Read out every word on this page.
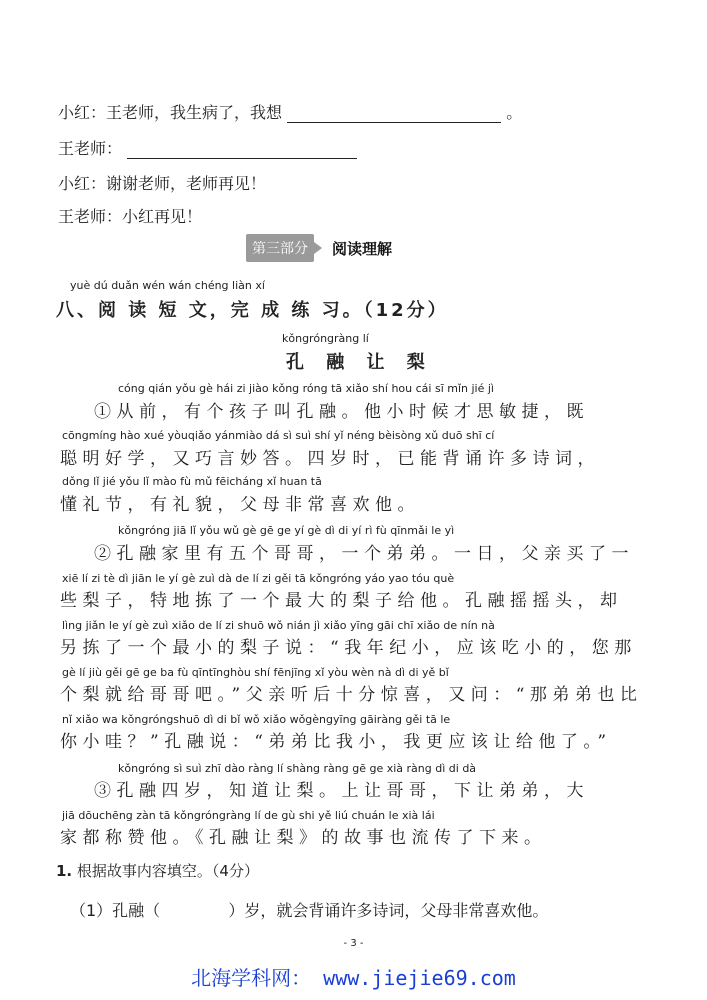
小红：王老师，我生病了，我想	。
王老师：
小红：谢谢老师，老师再见！
王老师：小红再见！
第三部分	阅读理解
yuè dú duǎn wén wán chéng liàn xí
八、阅 读 短 文，完 成 练 习。（12分）
kǒngróngràng lí
孔 融 让 梨
cóng qián yǒu gè hái zi jiào kǒng róng tā xiǎo shí hou cái sī mǐn jié jì
①从前，有个孩子叫孔融。他小时候才思敏捷，既
cōngmíng hào xué yòuqiǎo yánmiào dá sì suì shí yǐ néng bèisòng xǔ duō shī cí
聪明好学，又巧言妙答。四岁时，已能背诵许多诗词，
dǒng lǐ jié yǒu lǐ mào fù mǔ fēicháng xǐ huan tā
懂礼节，有礼貌，父母非常喜欢他。
kǒngróng jiā lǐ yǒu wǔ gè gē ge yí gè dì di yí rì fù qīnmǎi le yì
②孔融家里有五个哥哥，一个弟弟。一日，父亲买了一
xiē lí zi tè dì jiān le yí gè zuì dà de lí zi gěi tā kǒngróng yáo yao tóu què
些梨子，特地拣了一个最大的梨子给他。孔融摇摇头，却
lìng jiǎn le yí gè zuì xiǎo de lí zi shuō wǒ nián jì xiǎo yīng gāi chī xiǎo de nín nà
另拣了一个最小的梨子说：“我年纪小，应该吃小的，您那
gè lí jiù gěi gē ge ba fù qīntīnghòu shí fēnjīng xǐ yòu wèn nà dì di yě bǐ
个梨就给哥哥吧。”父亲听后十分惊喜，又问：“那弟弟也比
nǐ xiǎo wa kǒngróngshuō dì di bǐ wǒ xiǎo wǒgèngyīng gāiràng gěi tā le
你小哇？”孔融说：“弟弟比我小，我更应该让给他了。”
kǒngróng sì suì zhī dào ràng lí shàng ràng gē ge xià ràng dì di dà
③孔融四岁，知道让梨。上让哥哥，下让弟弟，大
jiā dōuchēng zàn tā kǒngróngràng lí de gù shi yě liú chuán le xià lái
家都称赞他。《孔融让梨》的故事也流传了下来。
1. 根据故事内容填空。（4分）
（1）孔融（	）岁，就会背诵许多诗词，父母非常喜欢他。
- 3 -
北海学科网： www.jiejie69.com
